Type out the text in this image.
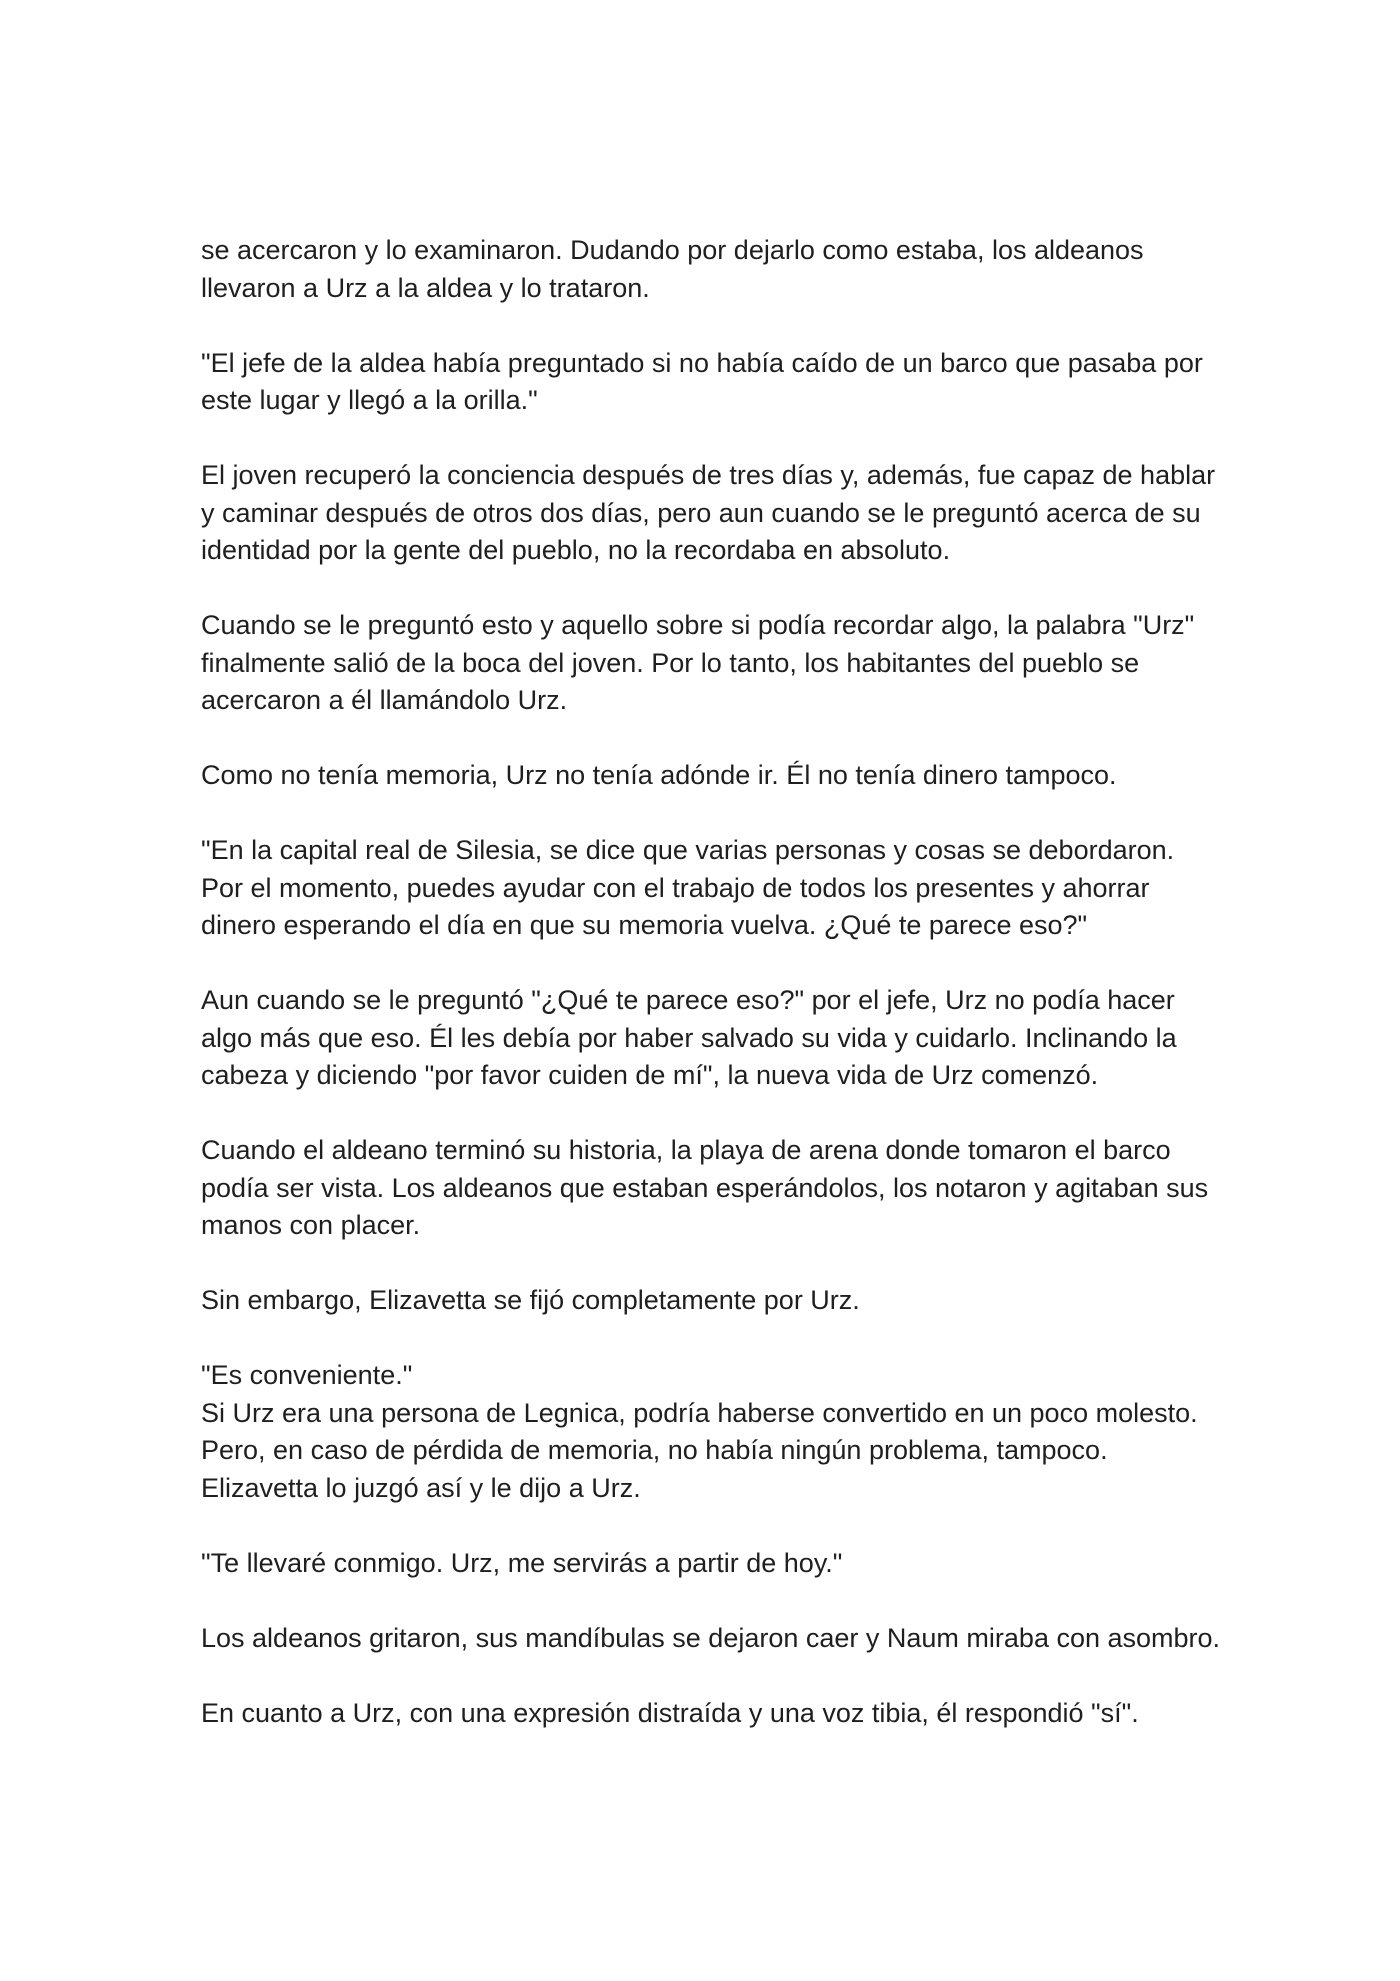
se acercaron y lo examinaron. Dudando por dejarlo como estaba, los aldeanos llevaron a Urz a la aldea y lo trataron.

"El jefe de la aldea había preguntado si no había caído de un barco que pasaba por este lugar y llegó a la orilla."

El joven recuperó la conciencia después de tres días y, además, fue capaz de hablar y caminar después de otros dos días, pero aun cuando se le preguntó acerca de su identidad por la gente del pueblo, no la recordaba en absoluto.

Cuando se le preguntó esto y aquello sobre si podía recordar algo, la palabra "Urz" finalmente salió de la boca del joven. Por lo tanto, los habitantes del pueblo se acercaron a él llamándolo Urz.

Como no tenía memoria, Urz no tenía adónde ir. Él no tenía dinero tampoco.

"En la capital real de Silesia, se dice que varias personas y cosas se debordaron. Por el momento, puedes ayudar con el trabajo de todos los presentes y ahorrar dinero esperando el día en que su memoria vuelva. ¿Qué te parece eso?"

Aun cuando se le preguntó "¿Qué te parece eso?" por el jefe, Urz no podía hacer algo más que eso. Él les debía por haber salvado su vida y cuidarlo. Inclinando la cabeza y diciendo "por favor cuiden de mí", la nueva vida de Urz comenzó.

Cuando el aldeano terminó su historia, la playa de arena donde tomaron el barco podía ser vista. Los aldeanos que estaban esperándolos, los notaron y agitaban sus manos con placer.

Sin embargo, Elizavetta se fijó completamente por Urz.

"Es conveniente."

Si Urz era una persona de Legnica, podría haberse convertido en un poco molesto. Pero, en caso de pérdida de memoria, no había ningún problema, tampoco. Elizavetta lo juzgó así y le dijo a Urz.

"Te llevaré conmigo. Urz, me servirás a partir de hoy."

Los aldeanos gritaron, sus mandíbulas se dejaron caer y Naum miraba con asombro.

En cuanto a Urz, con una expresión distraída y una voz tibia, él respondió "sí".
